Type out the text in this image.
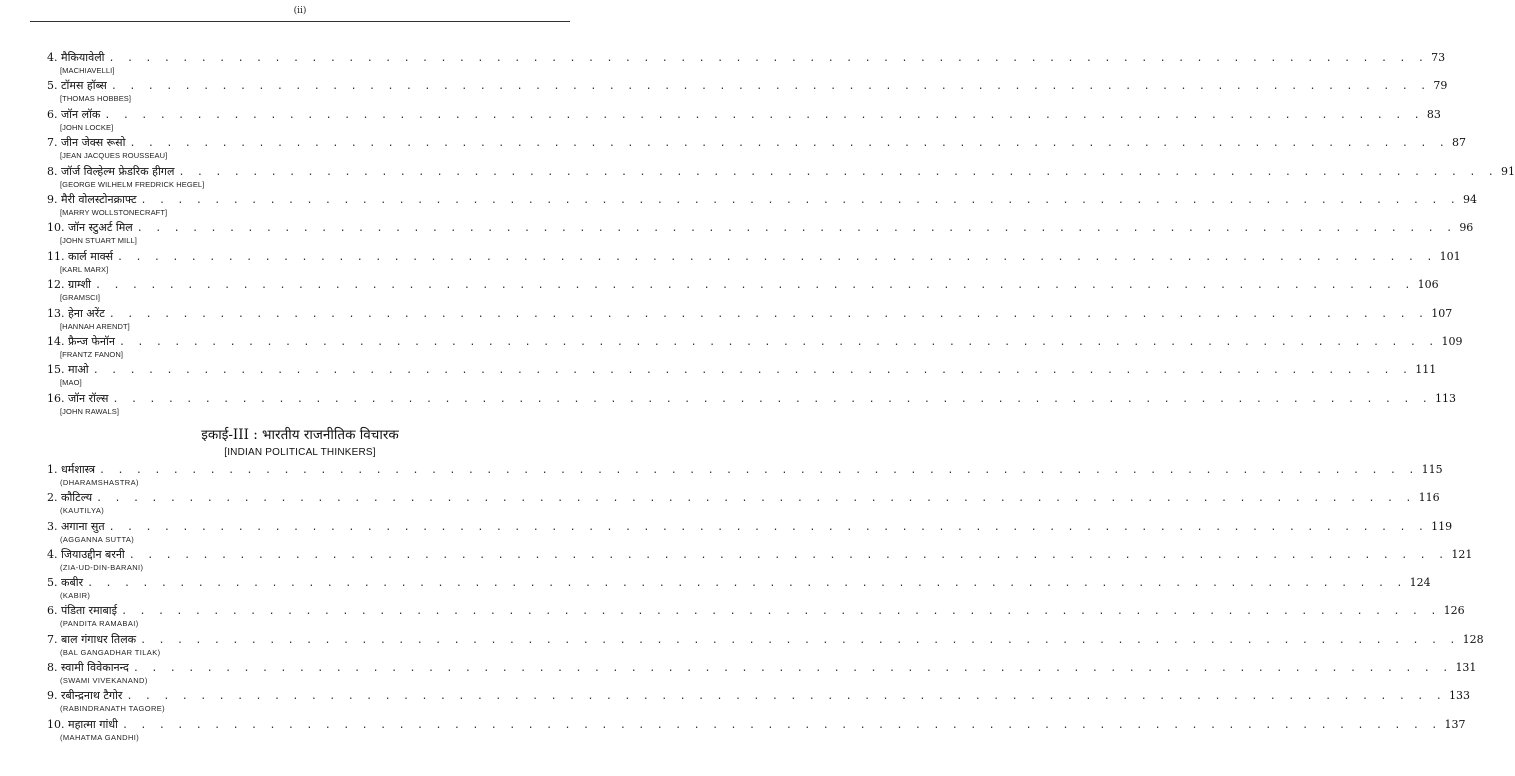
(ii)
4. मैकियावेली . . . . . . . . . . . . . . . . . . . . . . . . . . . . . . . . . . . . . . . . . . . . . . . . . . . . . . . . . . . . . . . . . . . . . . . . 73
[MACHIAVELLI]
5. टॉमस हॉब्स . . . . . . . . . . . . . . . . . . . . . . . . . . . . . . . . . . . . . . . . . . . . . . . . . . . . . . . . . . . . . . . . . . . . . . . . 79
[THOMAS HOBBES]
6. जॉन लॉक . . . . . . . . . . . . . . . . . . . . . . . . . . . . . . . . . . . . . . . . . . . . . . . . . . . . . . . . . . . . . . . . . . . . . . . . 83
[JOHN LOCKE]
7. जीन जेक्स रूसो . . . . . . . . . . . . . . . . . . . . . . . . . . . . . . . . . . . . . . . . . . . . . . . . . . . . . . . . . . . . . . . . . . . . . . . . 87
[JEAN JACQUES ROUSSEAU]
8. जॉर्ज विल्हेल्म फ्रेडरिक हीगल . . . . . . . . . . . . . . . . . . . . . . . . . . . . . . . . . . . . . . . . . . . . . . . . . . . . . . . . . . . . . . . . . . . . . . . . 91
[GEORGE WILHELM FREDRICK HEGEL]
9. मैरी वोलस्टोनक्राफ्ट . . . . . . . . . . . . . . . . . . . . . . . . . . . . . . . . . . . . . . . . . . . . . . . . . . . . . . . . . . . . . . . . . . . . . . . . 94
[MARRY WOLLSTONECRAFT]
10. जॉन स्टुअर्ट मिल . . . . . . . . . . . . . . . . . . . . . . . . . . . . . . . . . . . . . . . . . . . . . . . . . . . . . . . . . . . . . . . . . . . . . . . . 96
[JOHN STUART MILL]
11. कार्ल मार्क्स . . . . . . . . . . . . . . . . . . . . . . . . . . . . . . . . . . . . . . . . . . . . . . . . . . . . . . . . . . . . . . . . . . . . . . . . 101
[KARL MARX]
12. ग्राम्शी . . . . . . . . . . . . . . . . . . . . . . . . . . . . . . . . . . . . . . . . . . . . . . . . . . . . . . . . . . . . . . . . . . . . . . . . 106
[GRAMSCI]
13. हेना अरेंट . . . . . . . . . . . . . . . . . . . . . . . . . . . . . . . . . . . . . . . . . . . . . . . . . . . . . . . . . . . . . . . . . . . . . . . . 107
[HANNAH ARENDT]
14. फ्रैन्ज फेनॉन . . . . . . . . . . . . . . . . . . . . . . . . . . . . . . . . . . . . . . . . . . . . . . . . . . . . . . . . . . . . . . . . . . . . . . . . 109
[FRANTZ FANON]
15. माओ . . . . . . . . . . . . . . . . . . . . . . . . . . . . . . . . . . . . . . . . . . . . . . . . . . . . . . . . . . . . . . . . . . . . . . . . 111
[MAO]
16. जॉन रॉल्स . . . . . . . . . . . . . . . . . . . . . . . . . . . . . . . . . . . . . . . . . . . . . . . . . . . . . . . . . . . . . . . . . . . . . . . . 113
[JOHN RAWALS]
इकाई-III : भारतीय राजनीतिक विचारक
[INDIAN POLITICAL THINKERS]
1. धर्मशास्त्र . . . . . . . . . . . . . . . . . . . . . . . . . . . . . . . . . . . . . . . . . . . . . . . . . . . . . . . . . . . . . . . . . . . . . . . . 115
(DHARAMSHASTRA)
2. कौटिल्य . . . . . . . . . . . . . . . . . . . . . . . . . . . . . . . . . . . . . . . . . . . . . . . . . . . . . . . . . . . . . . . . . . . . . . . . 116
(KAUTILYA)
3. अगाना सुत . . . . . . . . . . . . . . . . . . . . . . . . . . . . . . . . . . . . . . . . . . . . . . . . . . . . . . . . . . . . . . . . . . . . . . . . 119
(AGGANNA SUTTA)
4. जियाउद्दीन बरनी . . . . . . . . . . . . . . . . . . . . . . . . . . . . . . . . . . . . . . . . . . . . . . . . . . . . . . . . . . . . . . . . . . . . . . . . 121
(ZIA-UD-DIN-BARANI)
5. कबीर . . . . . . . . . . . . . . . . . . . . . . . . . . . . . . . . . . . . . . . . . . . . . . . . . . . . . . . . . . . . . . . . . . . . . . . . 124
(KABIR)
6. पंडिता रमाबाई . . . . . . . . . . . . . . . . . . . . . . . . . . . . . . . . . . . . . . . . . . . . . . . . . . . . . . . . . . . . . . . . . . . . . . . . 126
(PANDITA RAMABAI)
7. बाल गंगाधर तिलक . . . . . . . . . . . . . . . . . . . . . . . . . . . . . . . . . . . . . . . . . . . . . . . . . . . . . . . . . . . . . . . . . . . . . . . . 128
(BAL GANGADHAR TILAK)
8. स्वामी विवेकानन्द . . . . . . . . . . . . . . . . . . . . . . . . . . . . . . . . . . . . . . . . . . . . . . . . . . . . . . . . . . . . . . . . . . . . . . . . 131
(SWAMI VIVEKANAND)
9. रबीन्द्रनाथ टैगोर . . . . . . . . . . . . . . . . . . . . . . . . . . . . . . . . . . . . . . . . . . . . . . . . . . . . . . . . . . . . . . . . . . . . . . . . 133
(RABINDRANATH TAGORE)
10. महात्मा गांधी . . . . . . . . . . . . . . . . . . . . . . . . . . . . . . . . . . . . . . . . . . . . . . . . . . . . . . . . . . . . . . . . . . . . . . . . 137
(MAHATMA GANDHI)
